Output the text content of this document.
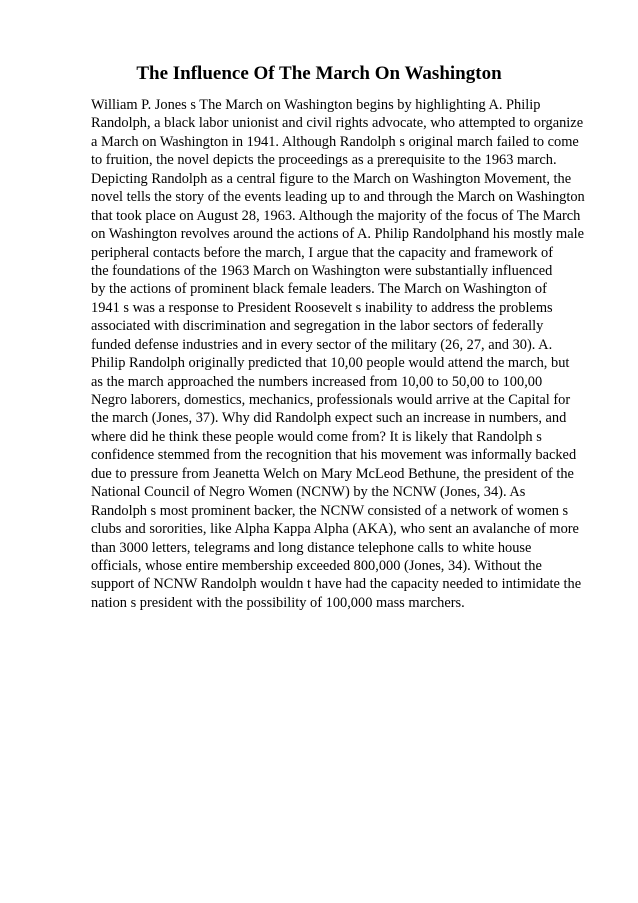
The Influence Of The March On Washington
William P. Jones s The March on Washington begins by highlighting A. Philip
Randolph, a black labor unionist and civil rights advocate, who attempted to organize
a March on Washington in 1941. Although Randolph s original march failed to come
to fruition, the novel depicts the proceedings as a prerequisite to the 1963 march.
Depicting Randolph as a central figure to the March on Washington Movement, the
novel tells the story of the events leading up to and through the March on Washington
that took place on August 28, 1963. Although the majority of the focus of The March
on Washington revolves around the actions of A. Philip Randolphand his mostly male
peripheral contacts before the march, I argue that the capacity and framework of
the foundations of the 1963 March on Washington were substantially influenced
by the actions of prominent black female leaders. The March on Washington of
1941 s was a response to President Roosevelt s inability to address the problems
associated with discrimination and segregation in the labor sectors of federally
funded defense industries and in every sector of the military (26, 27, and 30). A.
Philip Randolph originally predicted that 10,00 people would attend the march, but
as the march approached the numbers increased from 10,00 to 50,00 to 100,00
Negro laborers, domestics, mechanics, professionals would arrive at the Capital for
the march (Jones, 37). Why did Randolph expect such an increase in numbers, and
where did he think these people would come from? It is likely that Randolph s
confidence stemmed from the recognition that his movement was informally backed
due to pressure from Jeanetta Welch on Mary McLeod Bethune, the president of the
National Council of Negro Women (NCNW) by the NCNW (Jones, 34). As
Randolph s most prominent backer, the NCNW consisted of a network of women s
clubs and sororities, like Alpha Kappa Alpha (AKA), who sent an avalanche of more
than 3000 letters, telegrams and long distance telephone calls to white house
officials, whose entire membership exceeded 800,000 (Jones, 34). Without the
support of NCNW Randolph wouldn t have had the capacity needed to intimidate the
nation s president with the possibility of 100,000 mass marchers.
